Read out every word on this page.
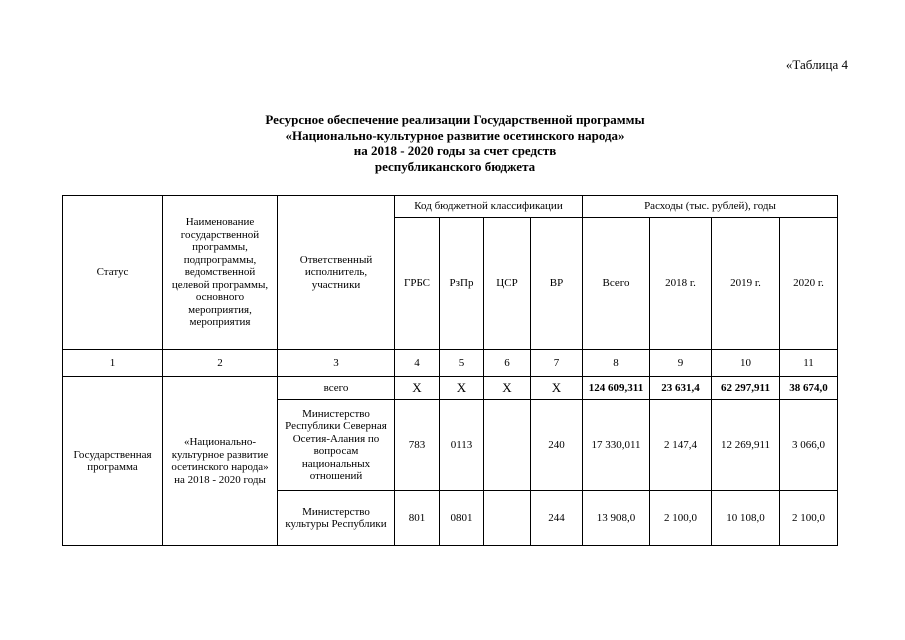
«Таблица 4
Ресурсное обеспечение реализации Государственной программы
«Национально-культурное развитие осетинского народа»
на 2018 - 2020 годы за счет средств
республиканского бюджета
Статус	Наименование государственной программы, подпрограммы, ведомственной целевой программы, основного мероприятия, мероприятия	Ответственный исполнитель, участники	Код бюджетной классификации				Расходы (тыс. рублей), годы			
			ГРБС	РзПр	ЦСР	ВР	Всего	2018 г.	2019 г.	2020 г.
1	2	3	4	5	6	7	8	9	10	11
Государственная программа	«Национально-культурное развитие осетинского народа» на 2018 - 2020 годы	всего	Х	Х	Х	Х	124 609,311	23 631,4	62 297,911	38 674,0
		Министерство Республики Северная Осетия-Алания по вопросам национальных отношений	783	0113		240	17 330,011	2 147,4	12 269,911	3 066,0
		Министерство культуры Республики	801	0801		244	13 908,0	2 100,0	10 108,0	2 100,0
